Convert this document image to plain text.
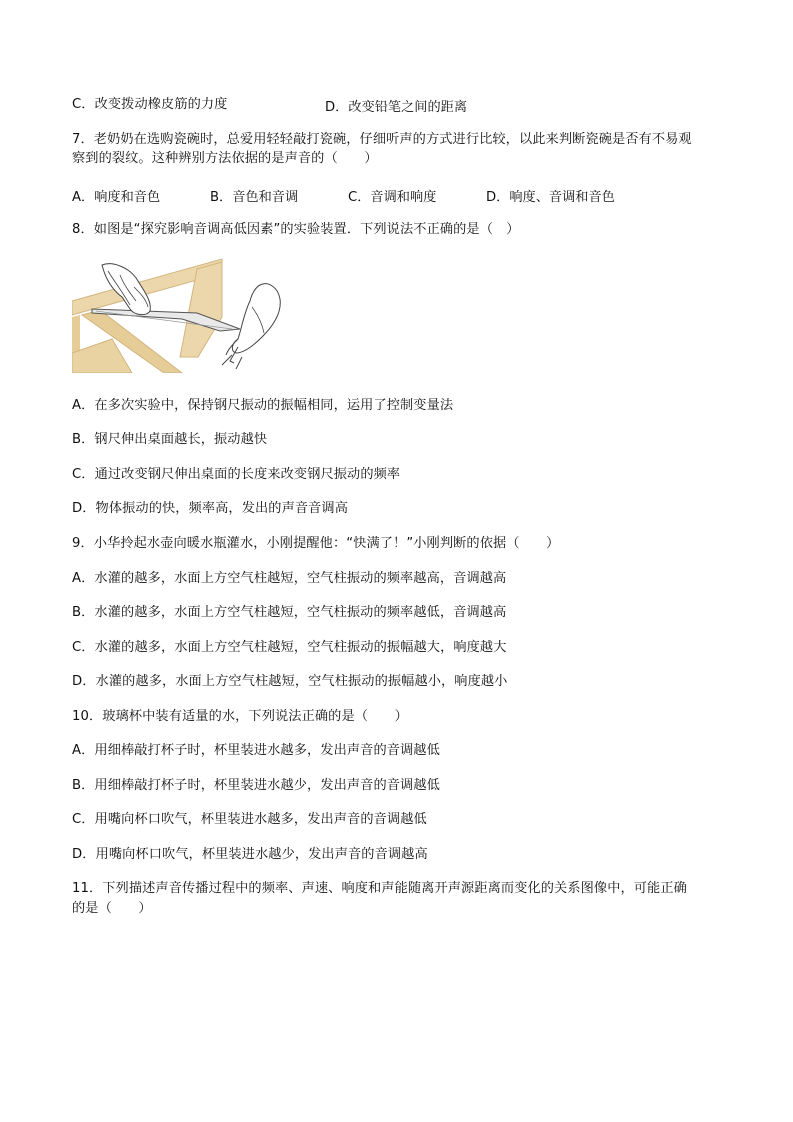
C．改变拨动橡皮筋的力度	D．改变铅笔之间的距离
7．老奶奶在选购瓷碗时，总爱用轻轻敲打瓷碗，仔细听声的方式进行比较，以此来判断瓷碗是否有不易观
察到的裂纹。这种辨别方法依据的是声音的（　　）
A．响度和音色	B．音色和音调	C．音调和响度	D．响度、音调和音色
8．如图是“探究影响音调高低因素”的实验装置．下列说法不正确的是（　）
A．在多次实验中，保持钢尺振动的振幅相同，运用了控制变量法
B．钢尺伸出桌面越长，振动越快
C．通过改变钢尺伸出桌面的长度来改变钢尺振动的频率
D．物体振动的快，频率高，发出的声音音调高
9．小华拎起水壶向暖水瓶灌水，小刚提醒他：“快满了！”小刚判断的依据（　　）
A．水灌的越多，水面上方空气柱越短，空气柱振动的频率越高，音调越高
B．水灌的越多，水面上方空气柱越短，空气柱振动的频率越低，音调越高
C．水灌的越多，水面上方空气柱越短，空气柱振动的振幅越大，响度越大
D．水灌的越多，水面上方空气柱越短，空气柱振动的振幅越小，响度越小
10．玻璃杯中装有适量的水，下列说法正确的是（　　）
A．用细棒敲打杯子时，杯里装进水越多，发出声音的音调越低
B．用细棒敲打杯子时，杯里装进水越少，发出声音的音调越低
C．用嘴向杯口吹气，杯里装进水越多，发出声音的音调越低
D．用嘴向杯口吹气，杯里装进水越少，发出声音的音调越高
11．下列描述声音传播过程中的频率、声速、响度和声能随离开声源距离而变化的关系图像中，可能正确
的是（　　）
